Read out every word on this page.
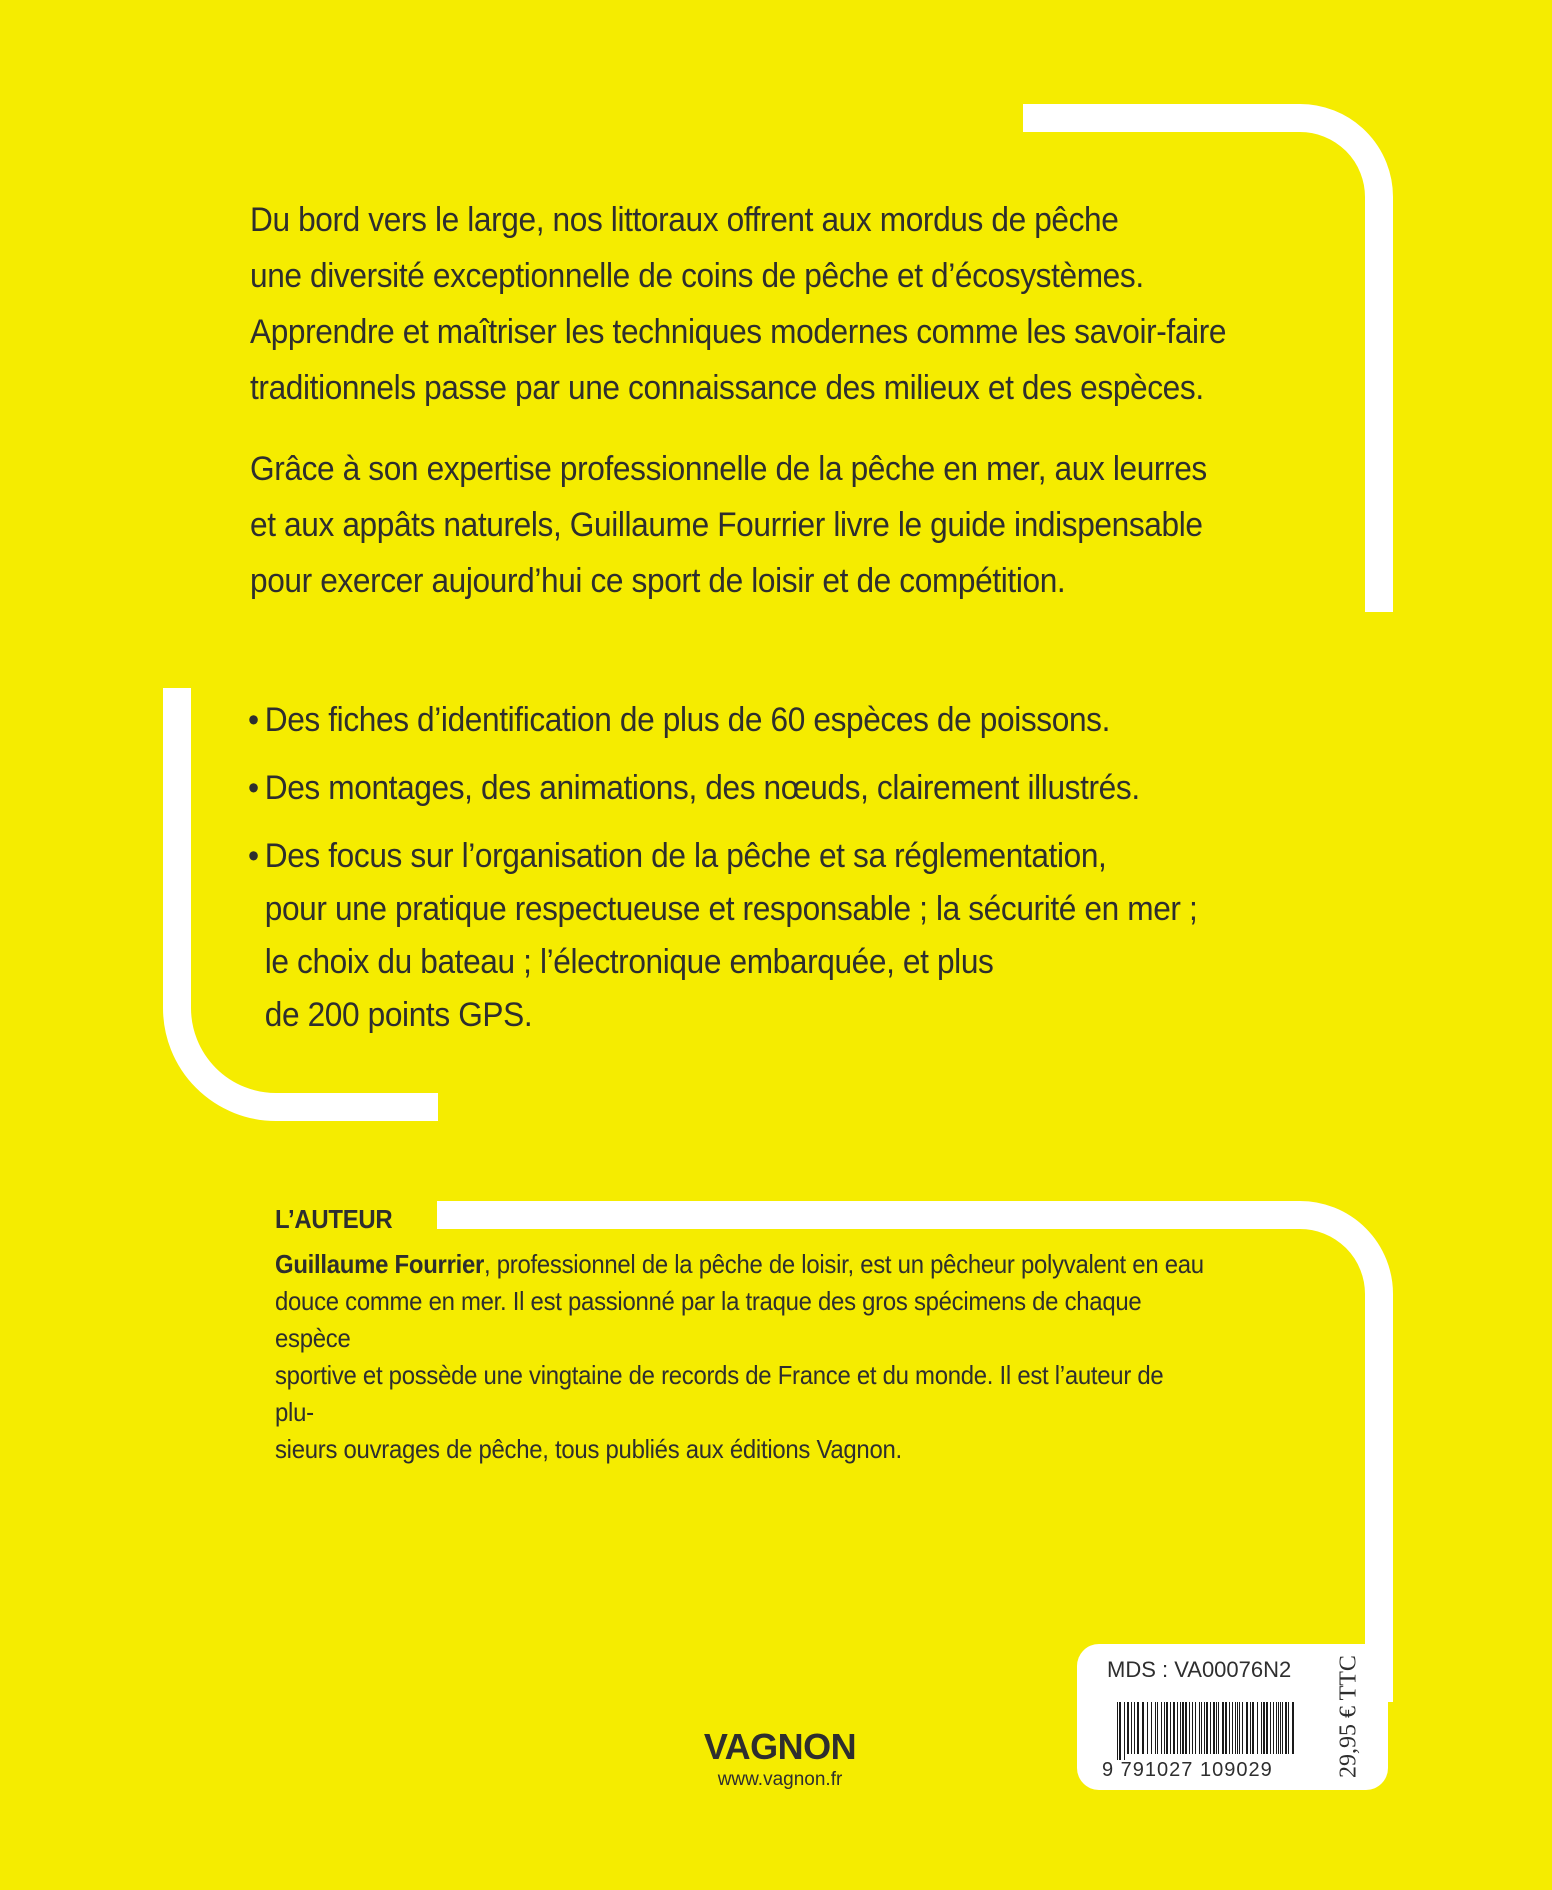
Du bord vers le large, nos littoraux offrent aux mordus de pêche

une diversité exceptionnelle de coins de pêche et d’écosystèmes.

Apprendre et maîtriser les techniques modernes comme les savoir-faire

traditionnels passe par une connaissance des milieux et des espèces.

Grâce à son expertise professionnelle de la pêche en mer, aux leurres

et aux appâts naturels, Guillaume Fourrier livre le guide indispensable

pour exercer aujourd’hui ce sport de loisir et de compétition.

• Des fiches d’identification de plus de 60 espèces de poissons.
• Des montages, des animations, des nœuds, clairement illustrés.
• Des focus sur l’organisation de la pêche et sa réglementation,
pour une pratique respectueuse et responsable ; la sécurité en mer ;
le choix du bateau ; l’électronique embarquée, et plus
de 200 points GPS.
L’AUTEUR
Guillaume Fourrier, professionnel de la pêche de loisir, est un pêcheur polyvalent en eau
douce comme en mer. Il est passionné par la traque des gros spécimens de chaque espèce
sportive et possède une vingtaine de records de France et du monde. Il est l’auteur de plu-
sieurs ouvrages de pêche, tous publiés aux éditions Vagnon.
MDS : VA00076N2
9 791027 109029	29,95 € TTC
VAGNON
www.vagnon.fr
